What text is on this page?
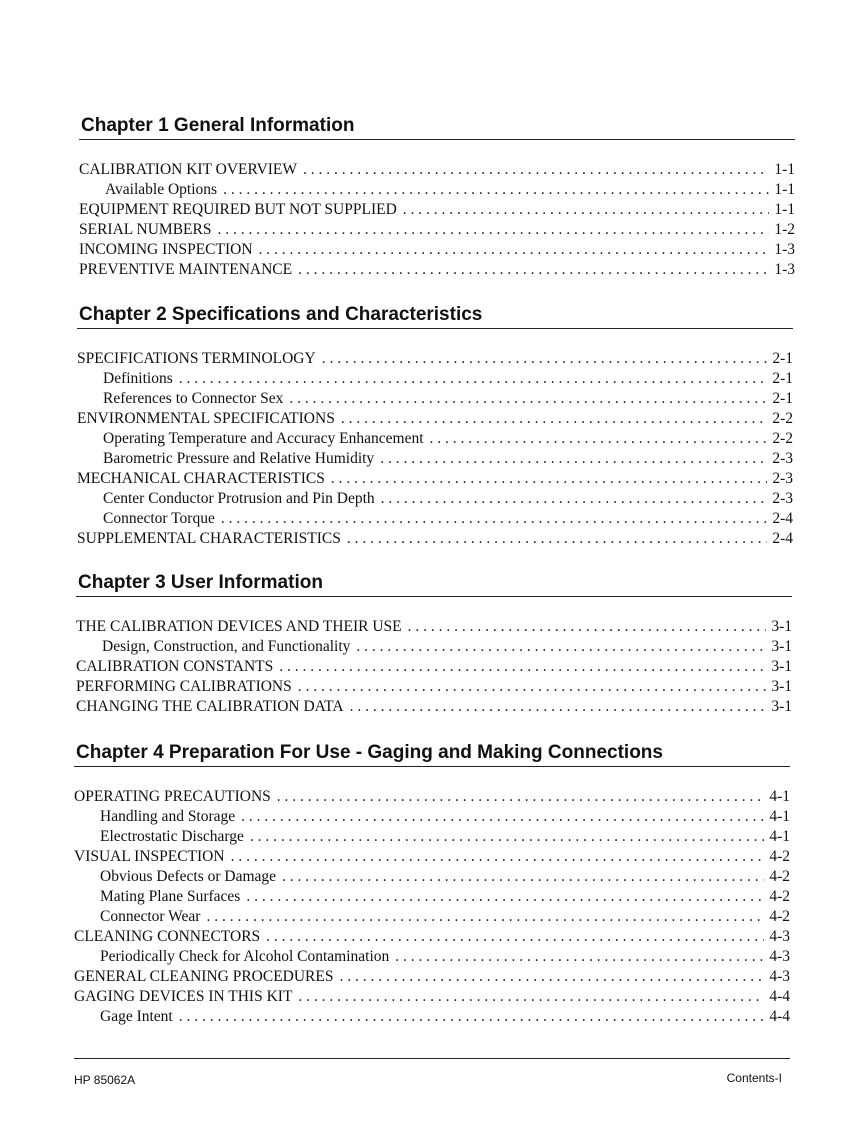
Chapter 1 General Information
CALIBRATION KIT OVERVIEW . . .	1-1
Available Options . . .	1-1
EQUIPMENT REQUIRED BUT NOT SUPPLIED . . .	1-1
SERIAL NUMBERS . . .	1-2
INCOMING INSPECTION . . .	1-3
PREVENTIVE MAINTENANCE . . .	1-3
Chapter 2 Specifications and Characteristics
SPECIFICATIONS TERMINOLOGY . . .	2-1
Definitions . . .	2-1
References to Connector Sex . . .	2-1
ENVIRONMENTAL SPECIFICATIONS . . .	2-2
Operating Temperature and Accuracy Enhancement . . .	2-2
Barometric Pressure and Relative Humidity . . .	2-3
MECHANICAL CHARACTERISTICS . . .	2-3
Center Conductor Protrusion and Pin Depth . . .	2-3
Connector Torque . . .	2-4
SUPPLEMENTAL CHARACTERISTICS . . .	2-4
Chapter 3 User Information
THE CALIBRATION DEVICES AND THEIR USE . . .	3-1
Design, Construction, and Functionality . . .	3-1
CALIBRATION CONSTANTS . . .	3-1
PERFORMING CALIBRATIONS . . .	3-1
CHANGING THE CALIBRATION DATA . . .	3-1
Chapter 4 Preparation For Use - Gaging and Making Connections
OPERATING PRECAUTIONS . . .	4-1
Handling and Storage . . .	4-1
Electrostatic Discharge . . .	4-1
VISUAL INSPECTION . . .	4-2
Obvious Defects or Damage . . .	4-2
Mating Plane Surfaces . . .	4-2
Connector Wear . . .	4-2
CLEANING CONNECTORS . . .	4-3
Periodically Check for Alcohol Contamination . . .	4-3
GENERAL CLEANING PROCEDURES . . .	4-3
GAGING DEVICES IN THIS KIT . . .	4-4
Gage Intent . . .	4-4
HP 85062A	Contents-I
